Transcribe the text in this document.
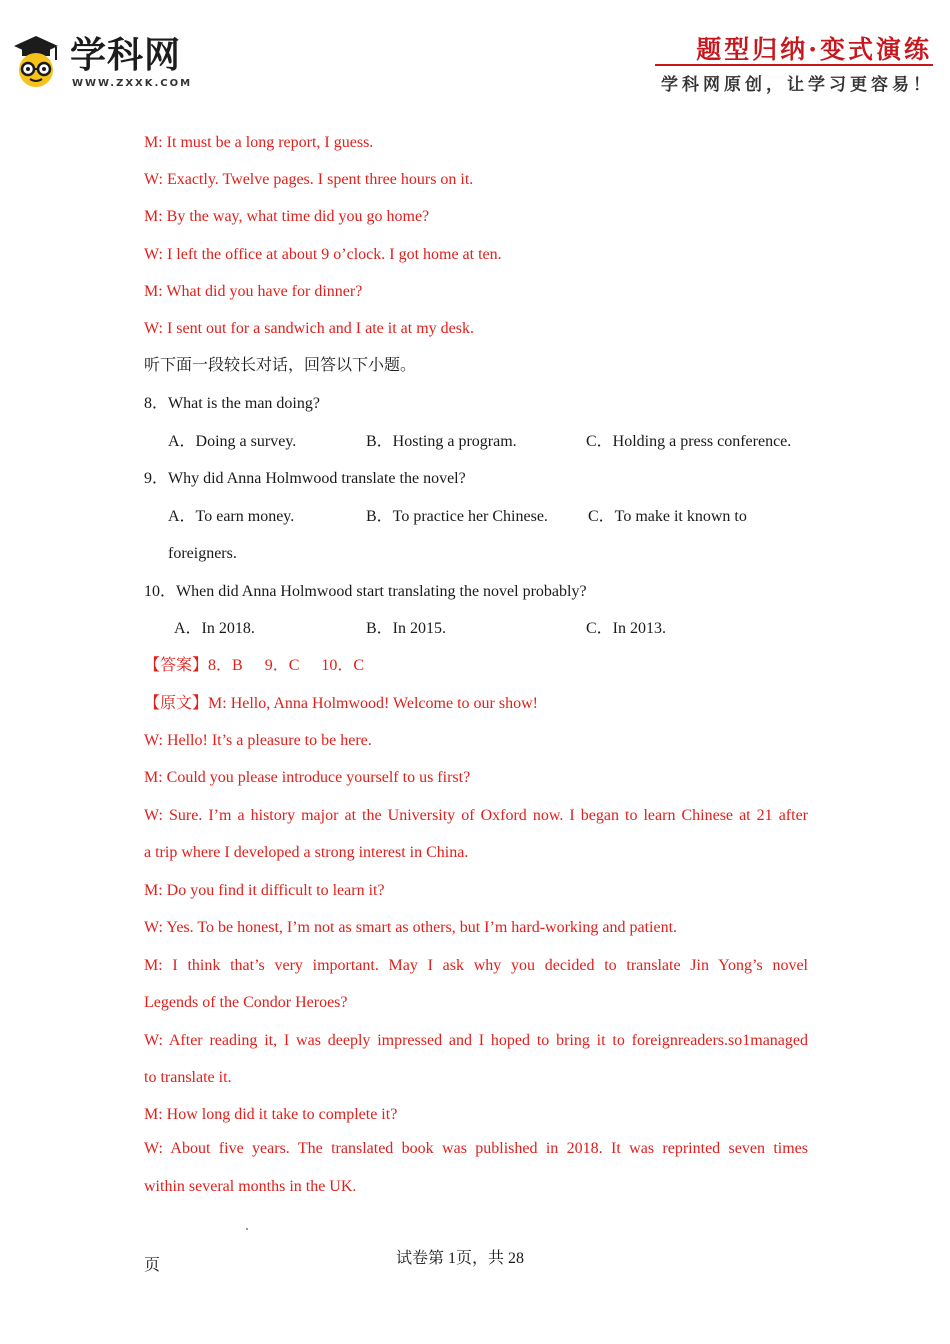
学科网
WWW.ZXXK.COM
题型归纳·变式演练
学科网原创，让学习更容易！
M: It must be a long report, I guess.
W: Exactly. Twelve pages. I spent three hours on it.
M: By the way, what time did you go home?
W: I left the office at about 9 o’clock. I got home at ten.
M: What did you have for dinner?
W: I sent out for a sandwich and I ate it at my desk.
听下面一段较长对话，回答以下小题。
8．What is the man doing?
A．Doing a survey.	B．Hosting a program.	C．Holding a press conference.
9．Why did Anna Holmwood translate the novel?
A．To earn money.	B．To practice her Chinese.	C．To make it known to
foreigners.
10．When did Anna Holmwood start translating the novel probably?
A．In 2018.	B．In 2015.	C．In 2013.
【答案】8．B 9．C 10．C
【原文】M: Hello, Anna Holmwood! Welcome to our show!
W: Hello! It’s a pleasure to be here.
M: Could you please introduce yourself to us first?
W: Sure. I’m a history major at the University of Oxford now. I began to learn Chinese at 21 after
a trip where I developed a strong interest in China.
M: Do you find it difficult to learn it?
W: Yes. To be honest, I’m not as smart as others, but I’m hard-working and patient.
M: I think that’s very important. May I ask why you decided to translate Jin Yong’s novel
Legends of the Condor Heroes?
W: After reading it, I was deeply impressed and I hoped to bring it to foreignreaders.so1managed
to translate it.
M: How long did it take to complete it?
W: About five years. The translated book was published in 2018. It was reprinted seven times
within several months in the UK.
试卷第 1页，共 28
页
